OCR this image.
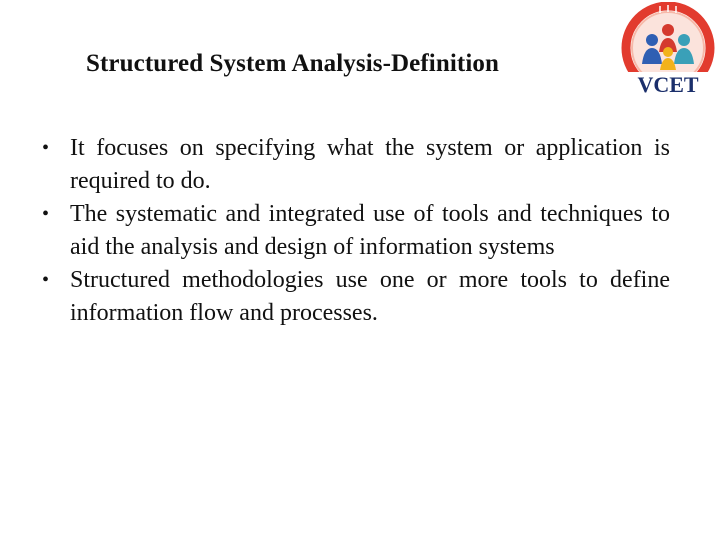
Structured System Analysis-Definition
VCET
• It focuses on specifying what the system or application is required to do.
• The systematic and integrated use of tools and techniques to aid the analysis and design of information systems
• Structured methodologies use one or more tools to define information flow and processes.
